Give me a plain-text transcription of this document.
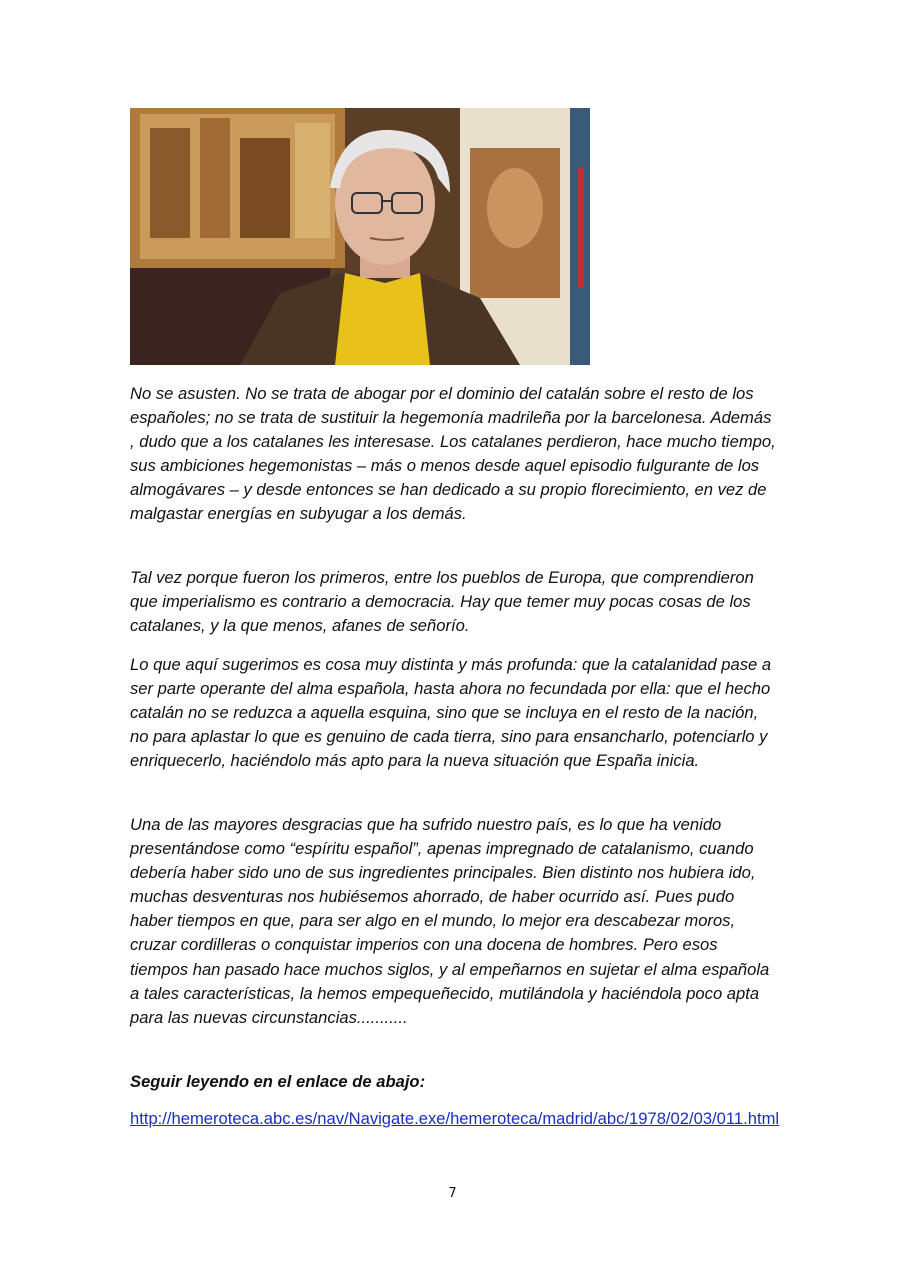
No se asusten. No se trata de abogar por el dominio del catalán sobre el resto de los españoles; no se trata de sustituir la hegemonía madrileña por la barcelonesa. Además , dudo que a los catalanes les interesase. Los catalanes perdieron, hace mucho tiempo, sus ambiciones hegemonistas – más o menos desde aquel episodio fulgurante de los almogávares – y desde entonces se han dedicado a su propio florecimiento, en vez de malgastar energías en subyugar a los demás.

Tal vez porque fueron los primeros, entre los pueblos de Europa, que comprendieron que imperialismo es contrario a democracia. Hay que temer muy pocas cosas de los catalanes, y la que menos, afanes de señorío.

Lo que aquí sugerimos es cosa muy distinta y más profunda: que la catalanidad pase a ser parte operante del alma española, hasta ahora no fecundada por ella: que el hecho catalán no se reduzca a aquella esquina, sino que se incluya en el resto de la nación, no para aplastar lo que es genuino de cada tierra, sino para ensancharlo, potenciarlo y enriquecerlo, haciéndolo más apto para la nueva situación que España inicia.

Una de las mayores desgracias que ha sufrido nuestro país, es lo que ha venido presentándose como “espíritu español”, apenas impregnado de catalanismo, cuando debería haber sido uno de sus ingredientes principales. Bien distinto nos hubiera ido, muchas desventuras nos hubiésemos ahorrado, de haber ocurrido así. Pues pudo haber tiempos en que, para ser algo en el mundo, lo mejor era descabezar moros, cruzar cordilleras o conquistar imperios con una docena de hombres. Pero esos tiempos han pasado hace muchos siglos, y al empeñarnos en sujetar el alma española a tales características, la hemos empequeñecido, mutilándola y haciéndola poco apta para las nuevas circunstancias...........

Seguir leyendo en el enlace de abajo:

http://hemeroteca.abc.es/nav/Navigate.exe/hemeroteca/madrid/abc/1978/02/03/011.html
7
